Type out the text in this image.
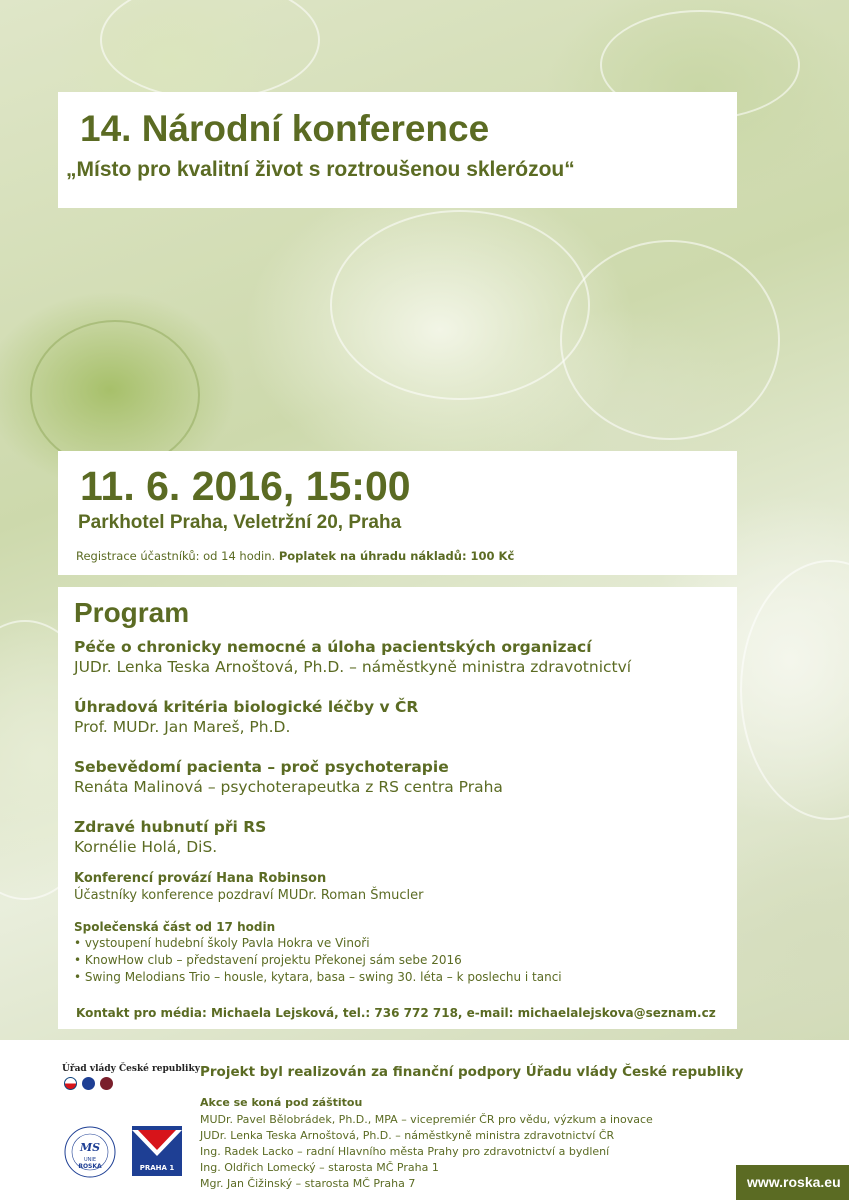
14. Národní konference
„Místo pro kvalitní život s roztroušenou sklerózou“
11. 6. 2016, 15:00
Parkhotel Praha, Veletržní 20, Praha
Registrace účastníků: od 14 hodin. Poplatek na úhradu nákladů: 100 Kč
Program
Péče o chronicky nemocné a úloha pacientských organizací
JUDr. Lenka Teska Arnoštová, Ph.D. – náměstkyně ministra zdravotnictví
Úhradová kritéria biologické léčby v ČR
Prof. MUDr. Jan Mareš, Ph.D.
Sebevědomí pacienta – proč psychoterapie
Renáta Malinová – psychoterapeutka z RS centra Praha
Zdravé hubnutí při RS
Kornélie Holá, DiS.
Konferencí provází Hana Robinson
Účastníky konference pozdraví MUDr. Roman Šmucler
Společenská část od 17 hodin
• vystoupení hudební školy Pavla Hokra ve Vinoři
• KnowHow club – představení projektu Překonej sám sebe 2016
• Swing Melodians Trio – housle, kytara, basa – swing 30. léta – k poslechu i tanci
Kontakt pro média: Michaela Lejsková, tel.: 736 772 718, e-mail: michaelalejskova@seznam.cz
Úřad vlády České republiky Projekt byl realizován za finanční podpory Úřadu vlády České republiky
Akce se koná pod záštitou
MUDr. Pavel Bělobrádek, Ph.D., MPA – vicepremiér ČR pro vědu, výzkum a inovace
JUDr. Lenka Teska Arnoštová, Ph.D. – náměstkyně ministra zdravotnictví ČR
Ing. Radek Lacko – radní Hlavního města Prahy pro zdravotnictví a bydlení
Ing. Oldřich Lomecký – starosta MČ Praha 1
Mgr. Jan Čižinský – starosta MČ Praha 7
MS
UNIE
ROSKA	PRAHA 1
www.roska.eu
